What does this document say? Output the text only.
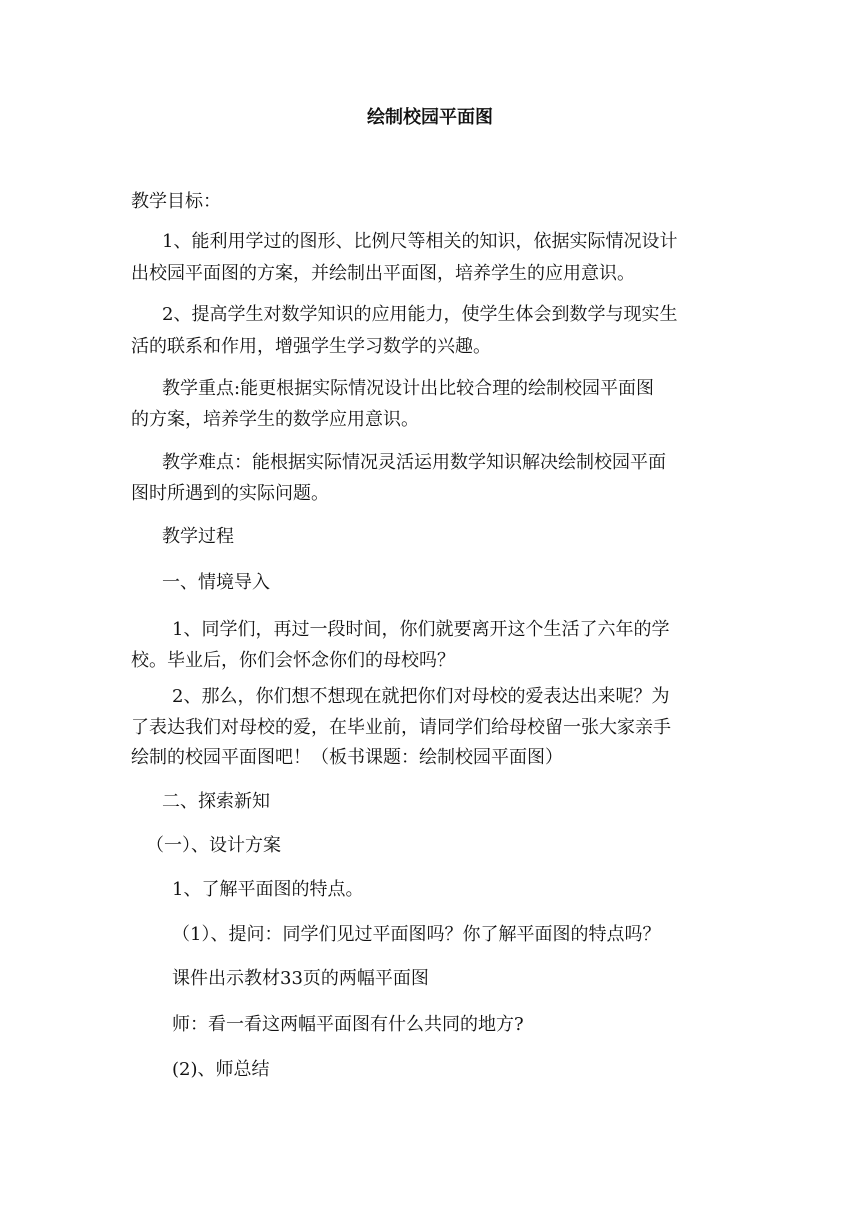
绘制校园平面图
教学目标：
1、能利用学过的图形、比例尺等相关的知识，依据实际情况设计
出校园平面图的方案，并绘制出平面图，培养学生的应用意识。
2、提高学生对数学知识的应用能力，使学生体会到数学与现实生
活的联系和作用，增强学生学习数学的兴趣。
教学重点:能更根据实际情况设计出比较合理的绘制校园平面图
的方案，培养学生的数学应用意识。
教学难点：能根据实际情况灵活运用数学知识解决绘制校园平面
图时所遇到的实际问题。
教学过程
一、情境导入
1、同学们，再过一段时间，你们就要离开这个生活了六年的学
校。毕业后，你们会怀念你们的母校吗？
2、那么，你们想不想现在就把你们对母校的爱表达出来呢？为
了表达我们对母校的爱，在毕业前，请同学们给母校留一张大家亲手
绘制的校园平面图吧！（板书课题：绘制校园平面图）
二、探索新知
（一）、设计方案
1、了解平面图的特点。
（1）、提问：同学们见过平面图吗？你了解平面图的特点吗？
课件出示教材33页的两幅平面图
师：看一看这两幅平面图有什么共同的地方?
(2)、师总结
